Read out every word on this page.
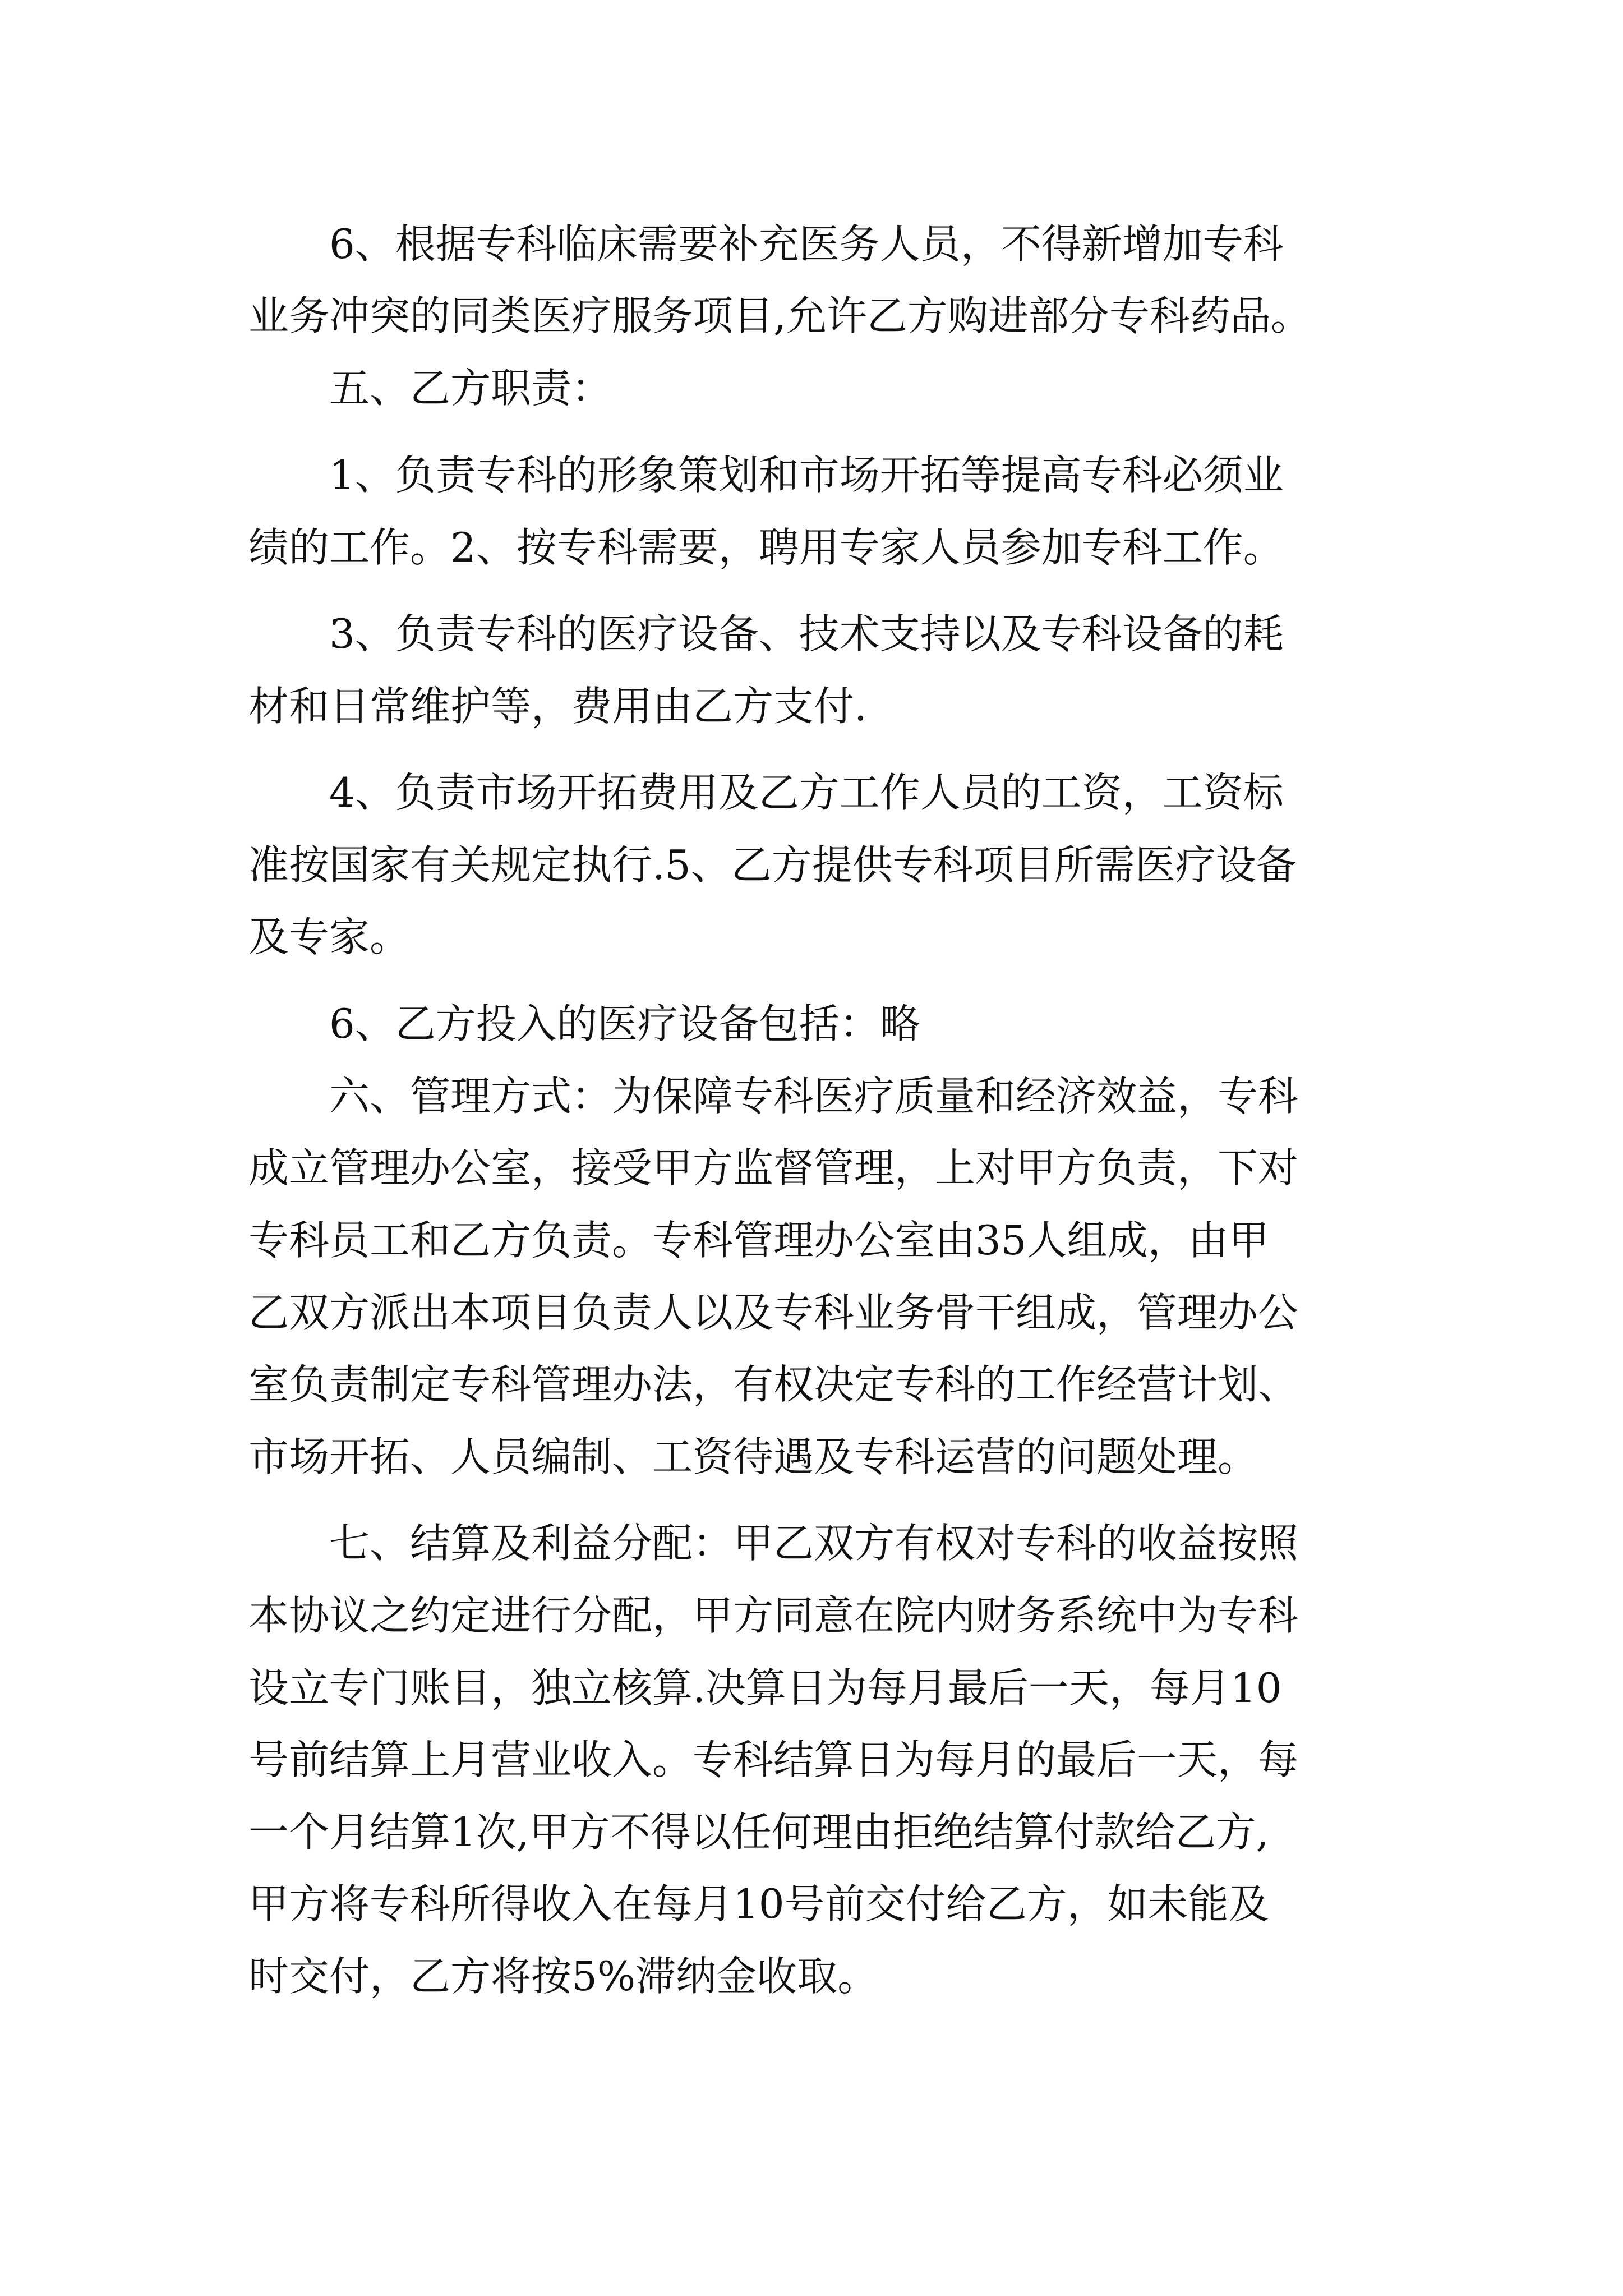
　　6、根据专科临床需要补充医务人员，不得新增加专科
业务冲突的同类医疗服务项目,允许乙方购进部分专科药品。
　　五、乙方职责：
　　1、负责专科的形象策划和市场开拓等提高专科必须业
绩的工作。2、按专科需要，聘用专家人员参加专科工作。
　　3、负责专科的医疗设备、技术支持以及专科设备的耗
材和日常维护等，费用由乙方支付.
　　4、负责市场开拓费用及乙方工作人员的工资，工资标
准按国家有关规定执行.5、乙方提供专科项目所需医疗设备
及专家。
　　6、乙方投入的医疗设备包括：略
　　六、管理方式：为保障专科医疗质量和经济效益，专科
成立管理办公室，接受甲方监督管理，上对甲方负责，下对
专科员工和乙方负责。专科管理办公室由35人组成，由甲
乙双方派出本项目负责人以及专科业务骨干组成，管理办公
室负责制定专科管理办法，有权决定专科的工作经营计划、
市场开拓、人员编制、工资待遇及专科运营的问题处理。
　　七、结算及利益分配：甲乙双方有权对专科的收益按照
本协议之约定进行分配，甲方同意在院内财务系统中为专科
设立专门账目，独立核算.决算日为每月最后一天，每月10
号前结算上月营业收入。专科结算日为每月的最后一天，每
一个月结算1次,甲方不得以任何理由拒绝结算付款给乙方,
甲方将专科所得收入在每月10号前交付给乙方，如未能及
时交付，乙方将按5%滞纳金收取。
